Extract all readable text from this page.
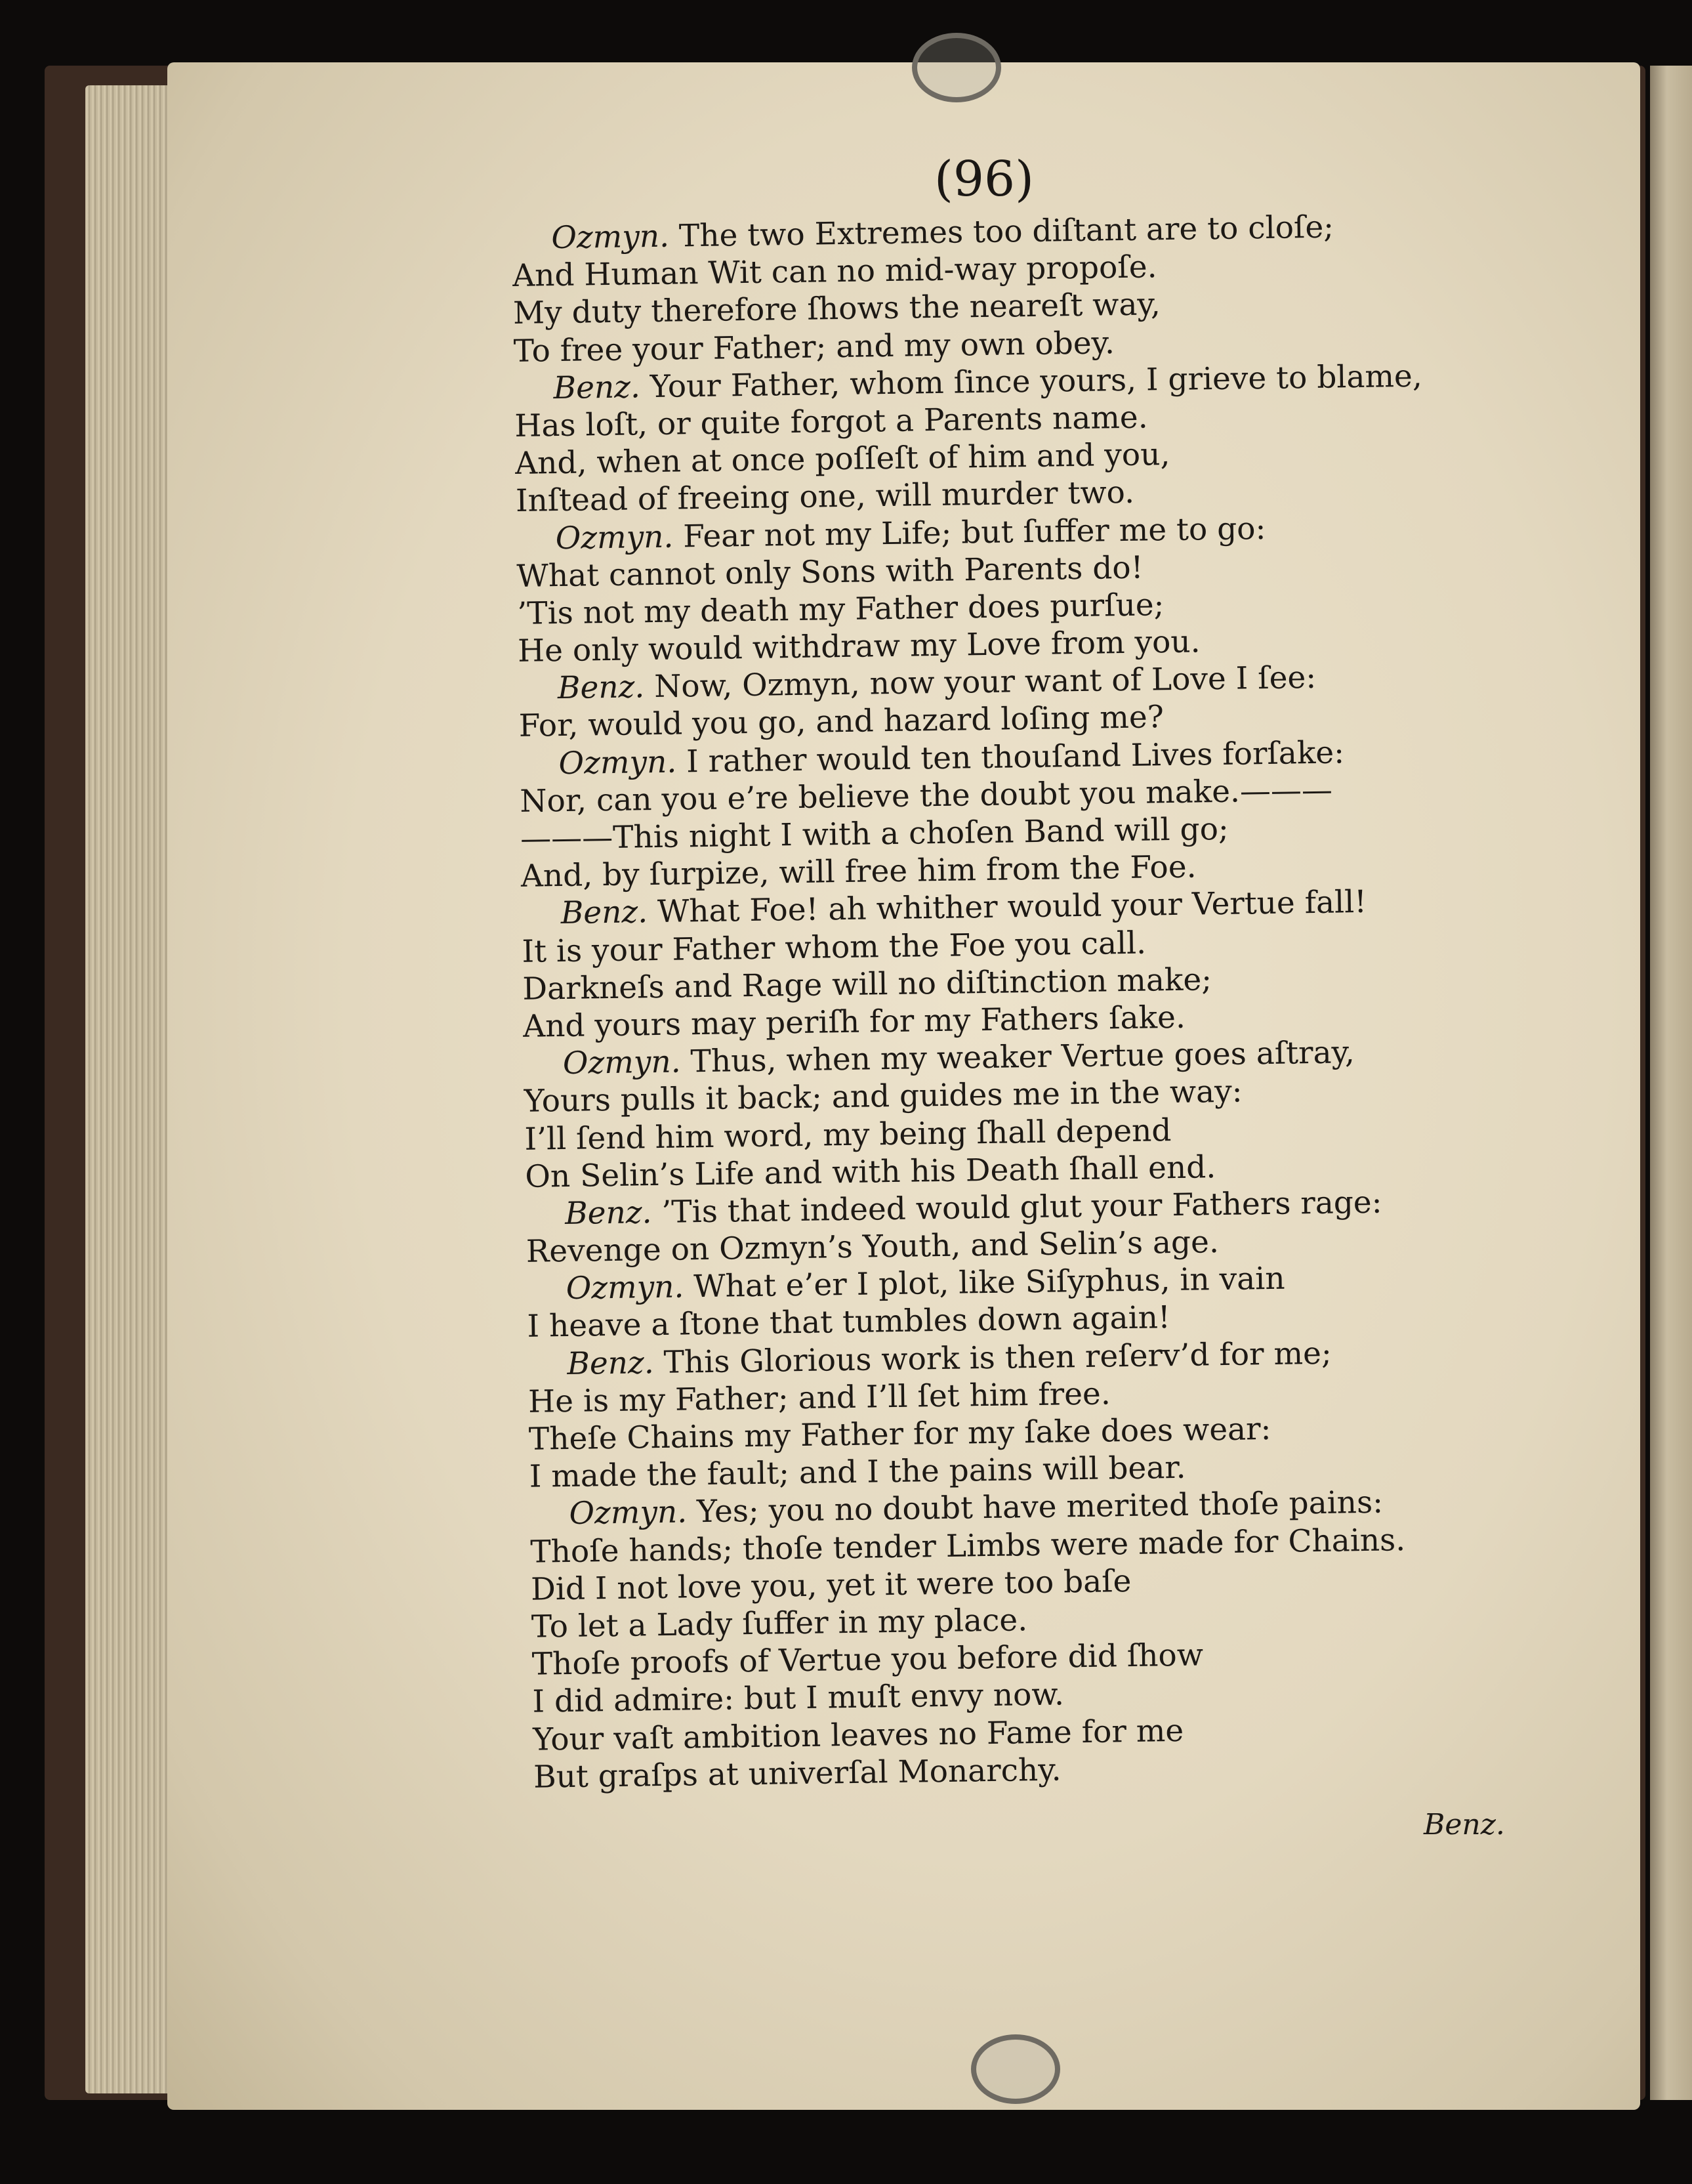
(96)

Ozmyn. The two Extremes too diſtant are to cloſe;

And Human Wit can no mid-way propoſe.

My duty therefore ſhows the neareſt way,

To free your Father; and my own obey.

Benz. Your Father, whom ſince yours, I grieve to blame,

Has loſt, or quite forgot a Parents name.

And, when at once poſſeſt of him and you,

Inſtead of freeing one, will murder two.

Ozmyn. Fear not my Life; but ſuffer me to go:

What cannot only Sons with Parents do!

’Tis not my death my Father does purſue;

He only would withdraw my Love from you.

Benz. Now, Ozmyn, now your want of Love I ſee:

For, would you go, and hazard loſing me?

Ozmyn. I rather would ten thouſand Lives forſake:

Nor, can you e’re believe the doubt you make.———

———This night I with a choſen Band will go;

And, by ſurpize, will free him from the Foe.

Benz. What Foe! ah whither would your Vertue fall!

It is your Father whom the Foe you call.

Darkneſs and Rage will no diſtinction make;

And yours may periſh for my Fathers ſake.

Ozmyn. Thus, when my weaker Vertue goes aſtray,

Yours pulls it back; and guides me in the way:

I’ll ſend him word, my being ſhall depend

On Selin’s Life and with his Death ſhall end.

Benz. ’Tis that indeed would glut your Fathers rage:

Revenge on Ozmyn’s Youth, and Selin’s age.

Ozmyn. What e’er I plot, like Siſyphus, in vain

I heave a ſtone that tumbles down again!

Benz. This Glorious work is then reſerv’d for me;

He is my Father; and I’ll ſet him free.

Theſe Chains my Father for my ſake does wear:

I made the fault; and I the pains will bear.

Ozmyn. Yes; you no doubt have merited thoſe pains:

Thoſe hands; thoſe tender Limbs were made for Chains.

Did I not love you, yet it were too baſe

To let a Lady ſuffer in my place.

Thoſe proofs of Vertue you before did ſhow

I did admire: but I muſt envy now.

Your vaſt ambition leaves no Fame for me

But graſps at univerſal Monarchy.

Benz.
